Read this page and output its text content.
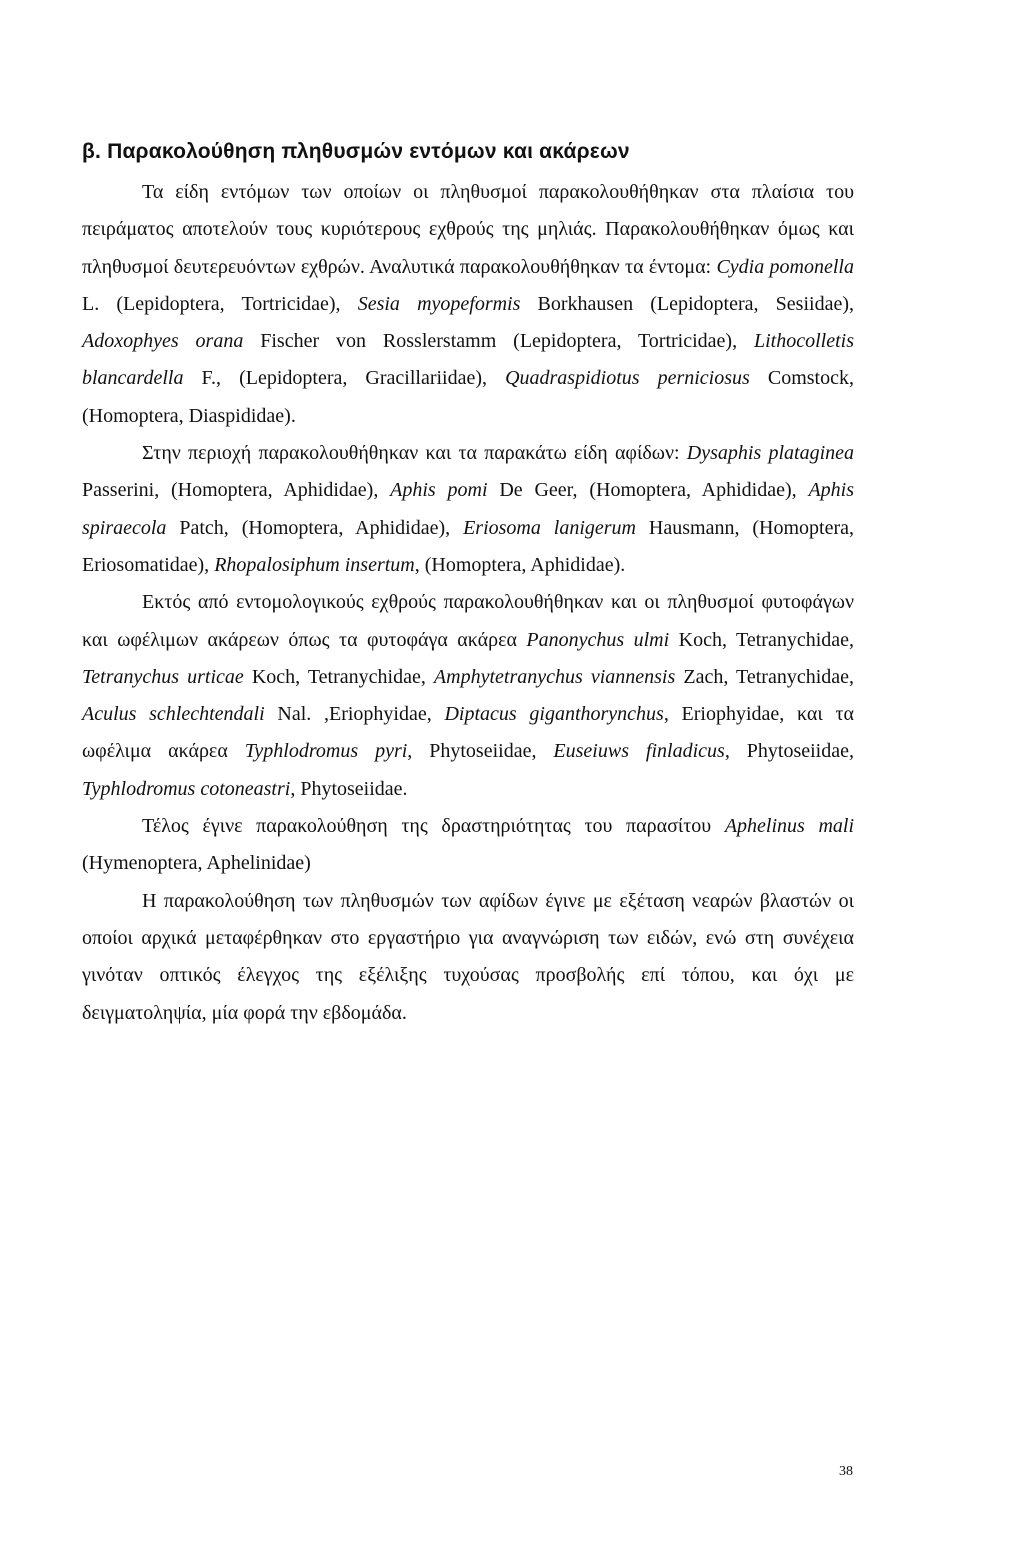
β. Παρακολούθηση πληθυσμών εντόμων και ακάρεων

Τα είδη εντόμων των οποίων οι πληθυσμοί παρακολουθήθηκαν στα πλαίσια του πειράματος αποτελούν τους κυριότερους εχθρούς της μηλιάς. Παρακολουθήθηκαν όμως και πληθυσμοί δευτερευόντων εχθρών. Αναλυτικά παρακολουθήθηκαν τα έντομα: Cydia pomonella L. (Lepidoptera, Tortricidae), Sesia myopeformis Borkhausen (Lepidoptera, Sesiidae), Adoxophyes orana Fischer von Rosslerstamm (Lepidoptera, Tortricidae), Lithocolletis blancardella F., (Lepidoptera, Gracillariidae), Quadraspidiotus perniciosus Comstock, (Homoptera, Diaspididae).

Στην περιοχή παρακολουθήθηκαν και τα παρακάτω είδη αφίδων: Dysaphis plataginea Passerini, (Homoptera, Aphididae), Aphis pomi De Geer, (Homoptera, Aphididae), Aphis spiraecola Patch, (Homoptera, Aphididae), Eriosoma lanigerum Hausmann, (Homoptera, Eriosomatidae), Rhopalosiphum insertum, (Homoptera, Aphididae).

Εκτός από εντομολογικούς εχθρούς παρακολουθήθηκαν και οι πληθυσμοί φυτοφάγων και ωφέλιμων ακάρεων όπως τα φυτοφάγα ακάρεα Panonychus ulmi Koch, Tetranychidae, Tetranychus urticae Koch, Tetranychidae, Amphytetranychus viannensis Zach, Tetranychidae, Aculus schlechtendali Nal. ,Eriophyidae, Diptacus giganthorynchus, Eriophyidae, και τα ωφέλιμα ακάρεα Typhlodromus pyri, Phytoseiidae, Euseiuws finladicus, Phytoseiidae, Typhlodromus cotoneastri, Phytoseiidae.

Τέλος έγινε παρακολούθηση της δραστηριότητας του παρασίτου Aphelinus mali (Hymenoptera, Aphelinidae)

Η παρακολούθηση των πληθυσμών των αφίδων έγινε με εξέταση νεαρών βλαστών οι οποίοι αρχικά μεταφέρθηκαν στο εργαστήριο για αναγνώριση των ειδών, ενώ στη συνέχεια γινόταν οπτικός έλεγχος της εξέλιξης τυχούσας προσβολής επί τόπου, και όχι με δειγματοληψία, μία φορά την εβδομάδα.

38
